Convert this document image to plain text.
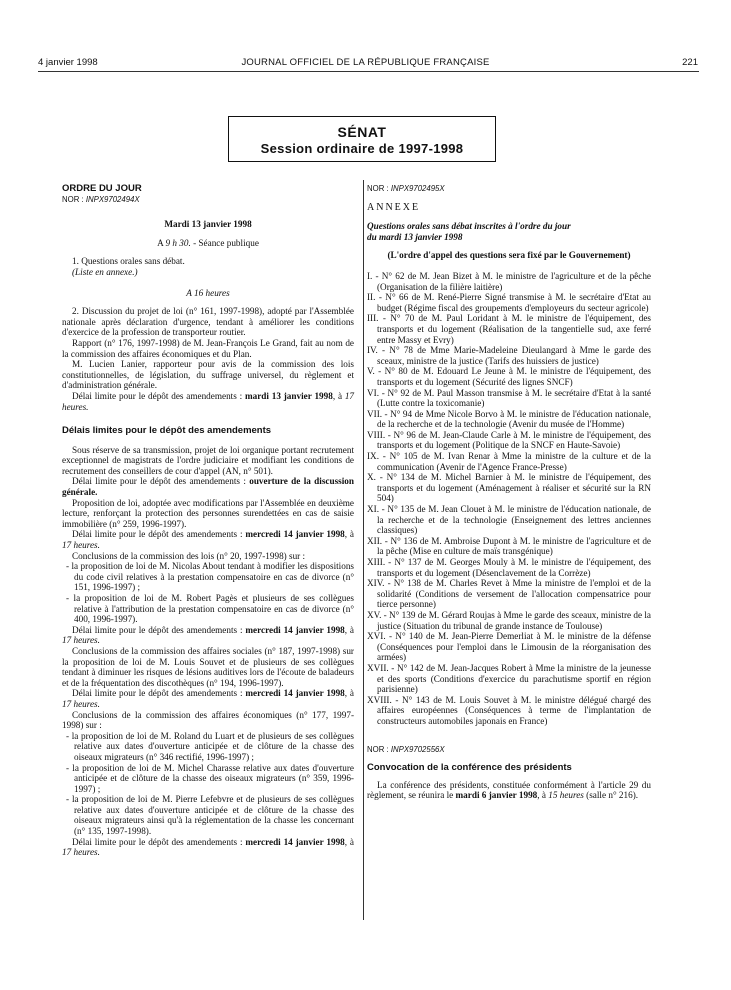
4 janvier 1998	JOURNAL OFFICIEL DE LA RÉPUBLIQUE FRANÇAISE	221
SÉNAT
Session ordinaire de 1997-1998

ORDRE DU JOUR

NOR : INPX9702494X

Mardi 13 janvier 1998

A 9 h 30. - Séance publique

1. Questions orales sans débat.

(Liste en annexe.)

A 16 heures

2. Discussion du projet de loi (n° 161, 1997-1998), adopté par l'Assemblée nationale après déclaration d'urgence, tendant à améliorer les conditions d'exercice de la profession de transporteur routier.

Rapport (n° 176, 1997-1998) de M. Jean-François Le Grand, fait au nom de la commission des affaires économiques et du Plan.

M. Lucien Lanier, rapporteur pour avis de la commission des lois constitutionnelles, de législation, du suffrage universel, du règlement et d'administration générale.

Délai limite pour le dépôt des amendements : mardi 13 janvier 1998, à 17 heures.

Délais limites pour le dépôt des amendements

Sous réserve de sa transmission, projet de loi organique portant recrutement exceptionnel de magistrats de l'ordre judiciaire et modifiant les conditions de recrutement des conseillers de cour d'appel (AN, n° 501).

Délai limite pour le dépôt des amendements : ouverture de la discussion générale.

Proposition de loi, adoptée avec modifications par l'Assemblée en deuxième lecture, renforçant la protection des personnes surendettées en cas de saisie immobilière (n° 259, 1996-1997).

Délai limite pour le dépôt des amendements : mercredi 14 janvier 1998, à 17 heures.

Conclusions de la commission des lois (n° 20, 1997-1998) sur :

- la proposition de loi de M. Nicolas About tendant à modifier les dispositions du code civil relatives à la prestation compensatoire en cas de divorce (n° 151, 1996-1997) ;
- la proposition de loi de M. Robert Pagès et plusieurs de ses collègues relative à l'attribution de la prestation compensatoire en cas de divorce (n° 400, 1996-1997).

Délai limite pour le dépôt des amendements : mercredi 14 janvier 1998, à 17 heures.

Conclusions de la commission des affaires sociales (n° 187, 1997-1998) sur la proposition de loi de M. Louis Souvet et de plusieurs de ses collègues tendant à diminuer les risques de lésions auditives lors de l'écoute de baladeurs et de la fréquentation des discothèques (n° 194, 1996-1997).

Délai limite pour le dépôt des amendements : mercredi 14 janvier 1998, à 17 heures.

Conclusions de la commission des affaires économiques (n° 177, 1997-1998) sur :

- la proposition de loi de M. Roland du Luart et de plusieurs de ses collègues relative aux dates d'ouverture anticipée et de clôture de la chasse des oiseaux migrateurs (n° 346 rectifié, 1996-1997) ;
- la proposition de loi de M. Michel Charasse relative aux dates d'ouverture anticipée et de clôture de la chasse des oiseaux migrateurs (n° 359, 1996-1997) ;
- la proposition de loi de M. Pierre Lefebvre et de plusieurs de ses collègues relative aux dates d'ouverture anticipée et de clôture de la chasse des oiseaux migrateurs ainsi qu'à la réglementation de la chasse les concernant (n° 135, 1997-1998).

Délai limite pour le dépôt des amendements : mercredi 14 janvier 1998, à 17 heures.

NOR : INPX9702495X

ANNEXE

Questions orales sans débat inscrites à l'ordre du jour

du mardi 13 janvier 1998

(L'ordre d'appel des questions sera fixé par le Gouvernement)

I. - N° 62 de M. Jean Bizet à M. le ministre de l'agriculture et de la pêche (Organisation de la filière laitière)

II. - N° 66 de M. René-Pierre Signé transmise à M. le secrétaire d'Etat au budget (Régime fiscal des groupements d'employeurs du secteur agricole)

III. - N° 70 de M. Paul Loridant à M. le ministre de l'équipement, des transports et du logement (Réalisation de la tangentielle sud, axe ferré entre Massy et Evry)

IV. - N° 78 de Mme Marie-Madeleine Dieulangard à Mme le garde des sceaux, ministre de la justice (Tarifs des huissiers de justice)

V. - N° 80 de M. Edouard Le Jeune à M. le ministre de l'équipement, des transports et du logement (Sécurité des lignes SNCF)

VI. - N° 92 de M. Paul Masson transmise à M. le secrétaire d'Etat à la santé (Lutte contre la toxicomanie)

VII. - N° 94 de Mme Nicole Borvo à M. le ministre de l'éducation nationale, de la recherche et de la technologie (Avenir du musée de l'Homme)

VIII. - N° 96 de M. Jean-Claude Carle à M. le ministre de l'équipement, des transports et du logement (Politique de la SNCF en Haute-Savoie)

IX. - N° 105 de M. Ivan Renar à Mme la ministre de la culture et de la communication (Avenir de l'Agence France-Presse)

X. - N° 134 de M. Michel Barnier à M. le ministre de l'équipement, des transports et du logement (Aménagement à réaliser et sécurité sur la RN 504)

XI. - N° 135 de M. Jean Clouet à M. le ministre de l'éducation nationale, de la recherche et de la technologie (Enseignement des lettres anciennes classiques)

XII. - N° 136 de M. Ambroise Dupont à M. le ministre de l'agriculture et de la pêche (Mise en culture de maïs transgénique)

XIII. - N° 137 de M. Georges Mouly à M. le ministre de l'équipement, des transports et du logement (Désenclavement de la Corrèze)

XIV. - N° 138 de M. Charles Revet à Mme la ministre de l'emploi et de la solidarité (Conditions de versement de l'allocation compensatrice pour tierce personne)

XV. - N° 139 de M. Gérard Roujas à Mme le garde des sceaux, ministre de la justice (Situation du tribunal de grande instance de Toulouse)

XVI. - N° 140 de M. Jean-Pierre Demerliat à M. le ministre de la défense (Conséquences pour l'emploi dans le Limousin de la réorganisation des armées)

XVII. - N° 142 de M. Jean-Jacques Robert à Mme la ministre de la jeunesse et des sports (Conditions d'exercice du parachutisme sportif en région parisienne)

XVIII. - N° 143 de M. Louis Souvet à M. le ministre délégué chargé des affaires européennes (Conséquences à terme de l'implantation de constructeurs automobiles japonais en France)

NOR : INPX9702556X

Convocation de la conférence des présidents

La conférence des présidents, constituée conformément à l'article 29 du règlement, se réunira le mardi 6 janvier 1998, à 15 heures (salle n° 216).
